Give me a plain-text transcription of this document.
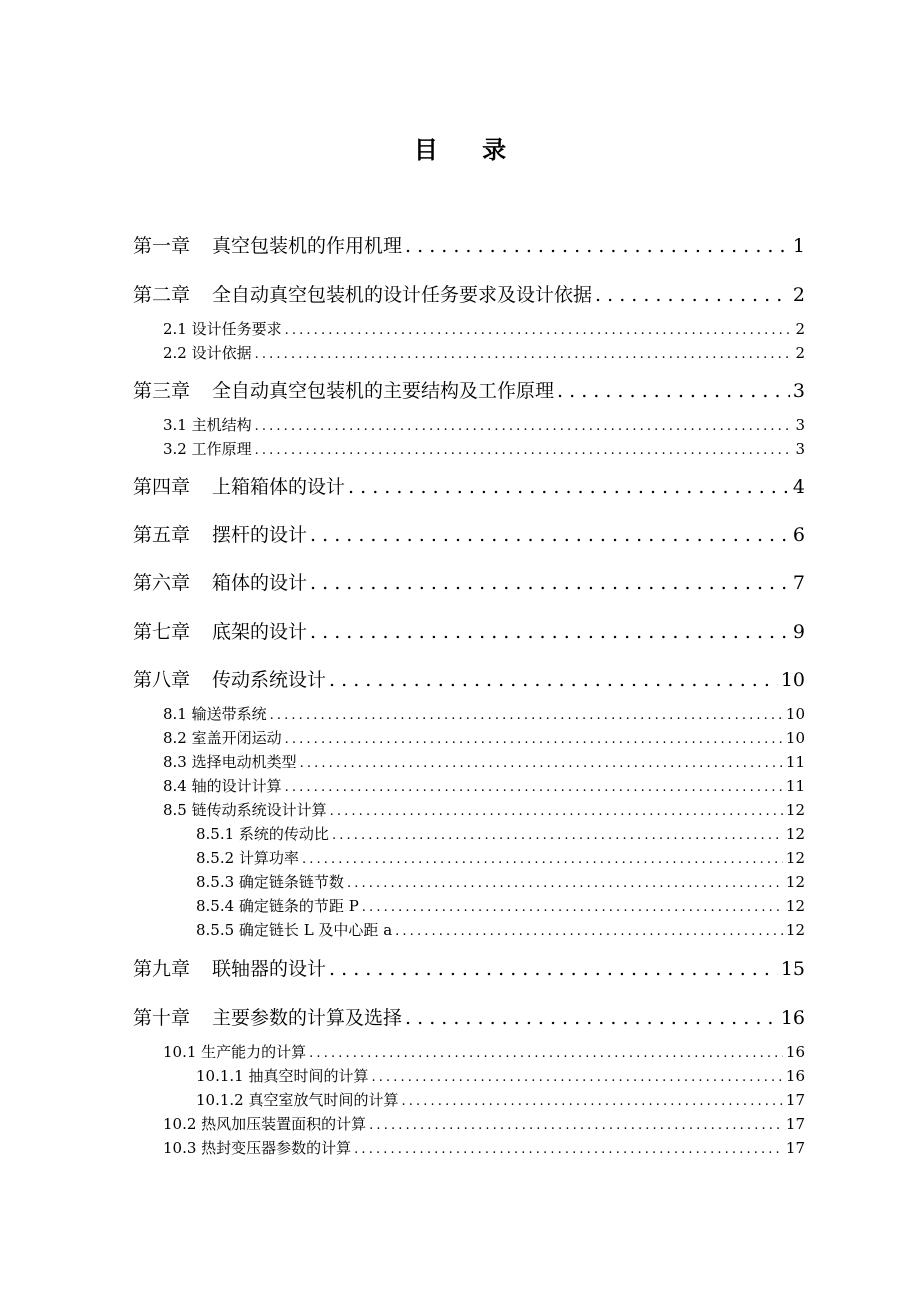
目 录
第一章 真空包装机的作用机理 . . .	1
第二章 全自动真空包装机的设计任务要求及设计依据 . . .	2
2.1 设计任务要求 . . .	2
2.2 设计依据 . . .	2
第三章 全自动真空包装机的主要结构及工作原理 . . .	3
3.1 主机结构 . . .	3
3.2 工作原理 . . .	3
第四章 上箱箱体的设计 . . .	4
第五章 摆杆的设计 . . .	6
第六章 箱体的设计 . . .	7
第七章 底架的设计 . . .	9
第八章 传动系统设计 . . .	10
8.1 输送带系统 . . .	10
8.2 室盖开闭运动 . . .	10
8.3 选择电动机类型 . . .	11
8.4 轴的设计计算 . . .	11
8.5 链传动系统设计计算 . . .	12
8.5.1 系统的传动比 . . .	12
8.5.2 计算功率 . . .	12
8.5.3 确定链条链节数 . . .	12
8.5.4 确定链条的节距 P . . .	12
8.5.5 确定链长 L 及中心距 a . . .	12
第九章 联轴器的设计 . . .	15
第十章 主要参数的计算及选择 . . .	16
10.1 生产能力的计算 . . .	16
10.1.1 抽真空时间的计算 . . .	16
10.1.2 真空室放气时间的计算 . . .	17
10.2 热风加压装置面积的计算 . . .	17
10.3 热封变压器参数的计算 . . .	17
